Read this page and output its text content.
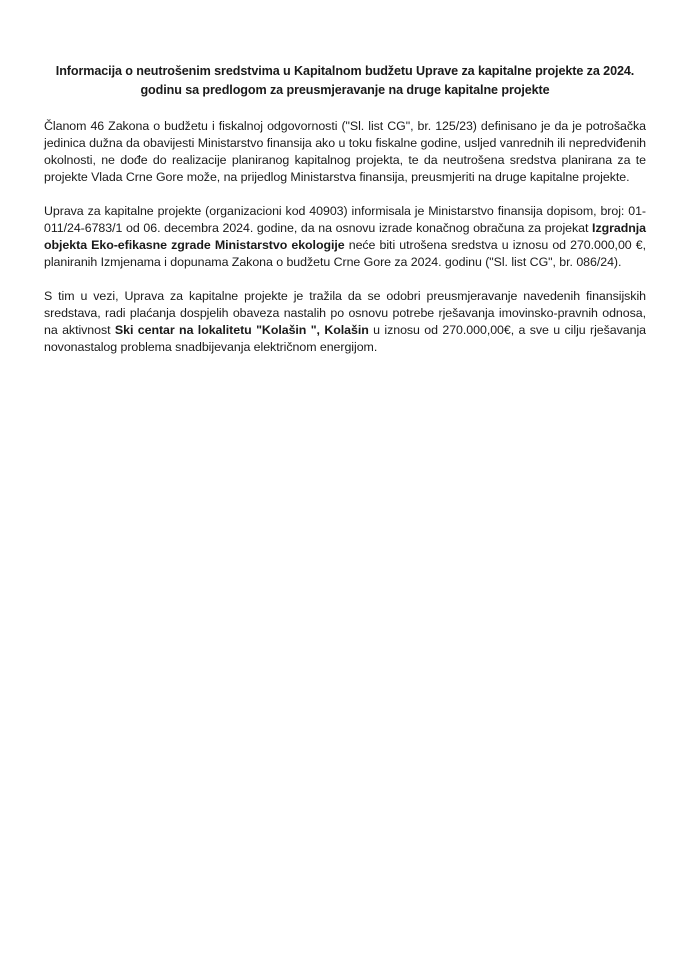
Informacija o neutrošenim sredstvima u Kapitalnom budžetu Uprave za kapitalne projekte za 2024.
godinu sa predlogom za preusmjeravanje na druge kapitalne projekte

Članom 46 Zakona o budžetu i fiskalnoj odgovornosti ("Sl. list CG", br. 125/23) definisano je da je potrošačka jedinica dužna da obavijesti Ministarstvo finansija ako u toku fiskalne godine, usljed vanrednih ili nepredviđenih okolnosti, ne dođe do realizacije planiranog kapitalnog projekta, te da neutrošena sredstva planirana za te projekte Vlada Crne Gore može, na prijedlog Ministarstva finansija, preusmjeriti na druge kapitalne projekte.

Uprava za kapitalne projekte (organizacioni kod 40903) informisala je Ministarstvo finansija dopisom, broj: 01-011/24-6783/1 od 06. decembra 2024. godine, da na osnovu izrade konačnog obračuna za projekat Izgradnja objekta Eko-efikasne zgrade Ministarstvo ekologije neće biti utrošena sredstva u iznosu od 270.000,00 €, planiranih Izmjenama i dopunama Zakona o budžetu Crne Gore za 2024. godinu ("Sl. list CG", br. 086/24).

S tim u vezi, Uprava za kapitalne projekte je tražila da se odobri preusmjeravanje navedenih finansijskih sredstava, radi plaćanja dospjelih obaveza nastalih po osnovu potrebe rješavanja imovinsko-pravnih odnosa, na aktivnost Ski centar na lokalitetu "Kolašin ", Kolašin u iznosu od 270.000,00€, a sve u cilju rješavanja novonastalog problema snadbijevanja električnom energijom.
